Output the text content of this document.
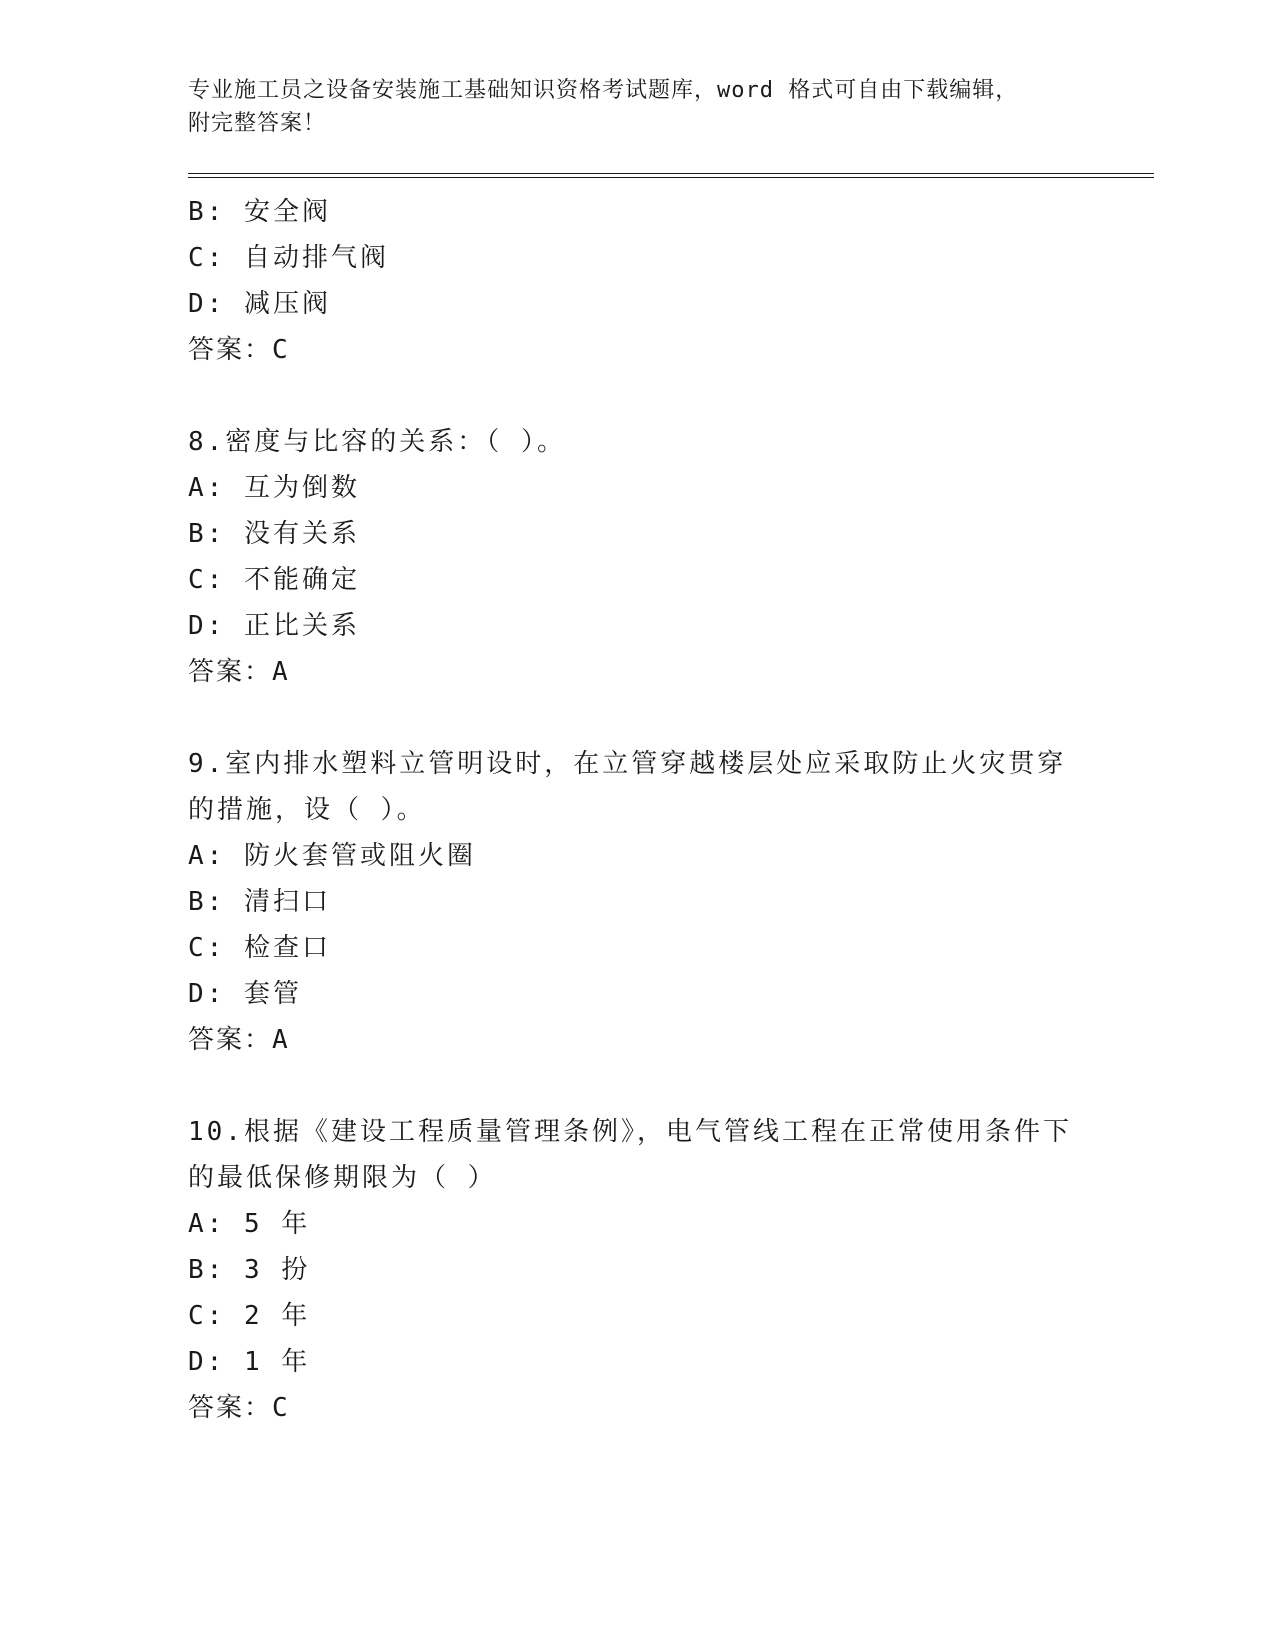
专业施工员之设备安装施工基础知识资格考试题库，word 格式可自由下载编辑，
附完整答案！
B: 安全阀
C: 自动排气阀
D: 减压阀
答案：C
8.密度与比容的关系：（ ）。
A: 互为倒数
B: 没有关系
C: 不能确定
D: 正比关系
答案：A
9.室内排水塑料立管明设时，在立管穿越楼层处应采取防止火灾贯穿
的措施，设（ ）。
A: 防火套管或阻火圈
B: 清扫口
C: 检查口
D: 套管
答案：A
10.根据《建设工程质量管理条例》，电气管线工程在正常使用条件下
的最低保修期限为（ ）
A: 5 年
B: 3 扮
C: 2 年
D: 1 年
答案：C
